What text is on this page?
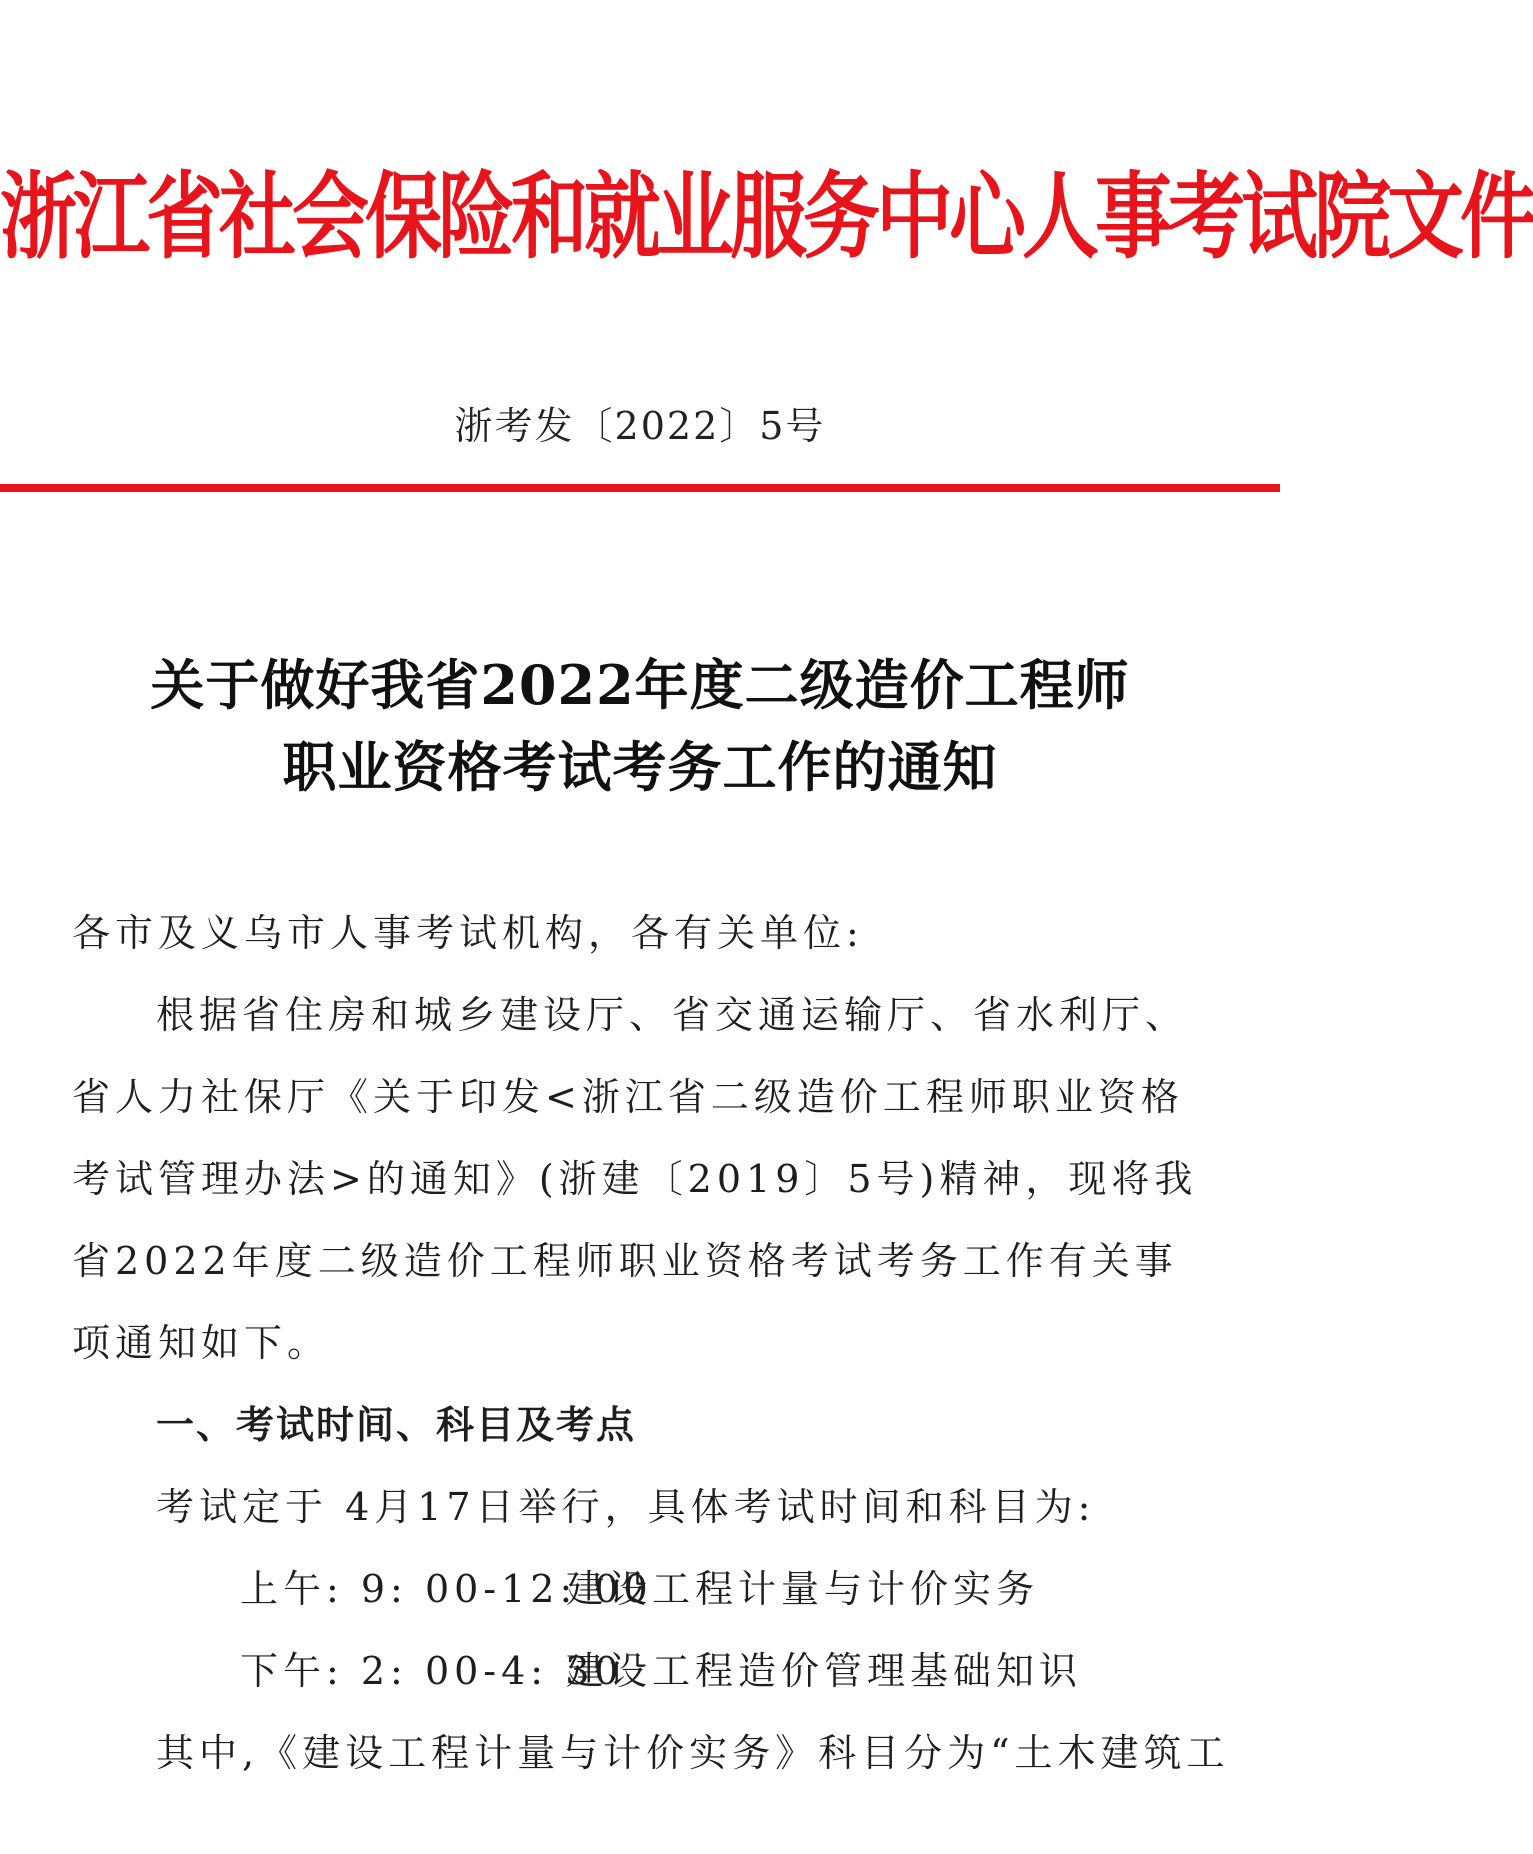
浙江省社会保险和就业服务中心人事考试院文件
浙考发〔2022〕5号
关于做好我省2022年度二级造价工程师
职业资格考试考务工作的通知

各市及义乌市人事考试机构，各有关单位:

根据省住房和城乡建设厅、省交通运输厅、省水利厅、省人力社保厅《关于印发<浙江省二级造价工程师职业资格考试管理办法>的通知》(浙建〔2019〕5号)精神，现将我省2022年度二级造价工程师职业资格考试考务工作有关事项通知如下。

一、考试时间、科目及考点

考试定于 4月17日举行，具体考试时间和科目为:

上午: 9: 00-12: 00建设工程计量与计价实务

下午: 2: 00-4: 30建设工程造价管理基础知识

其中,《建设工程计量与计价实务》科目分为“土木建筑工
